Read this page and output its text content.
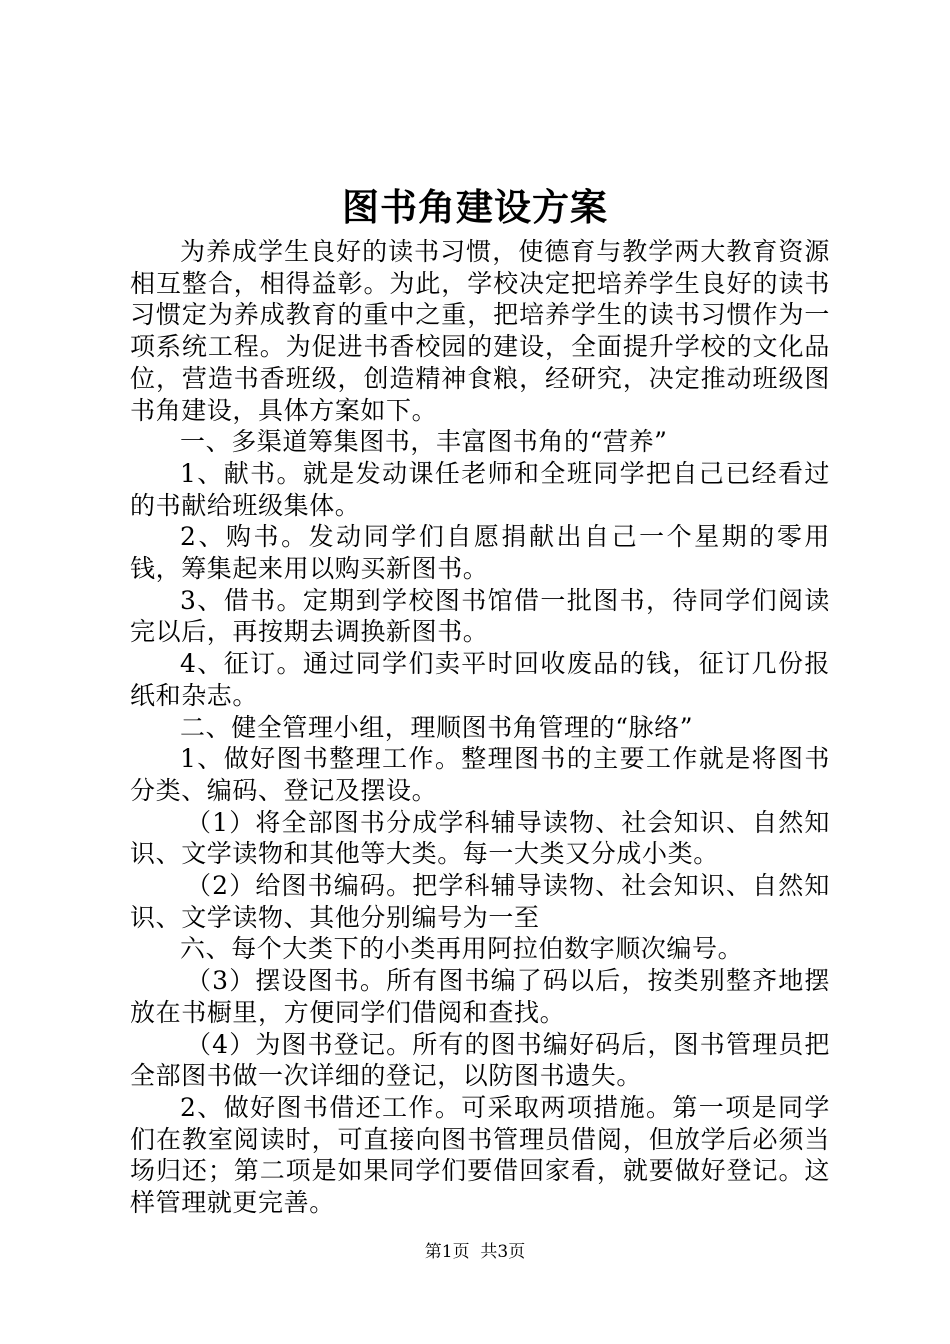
图书角建设方案

为养成学生良好的读书习惯，使德育与教学两大教育资源相互整合，相得益彰。为此，学校决定把培养学生良好的读书习惯定为养成教育的重中之重，把培养学生的读书习惯作为一项系统工程。为促进书香校园的建设，全面提升学校的文化品位，营造书香班级，创造精神食粮，经研究，决定推动班级图书角建设，具体方案如下。

一、多渠道筹集图书，丰富图书角的“营养”

1、献书。就是发动课任老师和全班同学把自己已经看过的书献给班级集体。

2、购书。发动同学们自愿捐献出自己一个星期的零用钱，筹集起来用以购买新图书。

3、借书。定期到学校图书馆借一批图书，待同学们阅读完以后，再按期去调换新图书。

4、征订。通过同学们卖平时回收废品的钱，征订几份报纸和杂志。

二、健全管理小组，理顺图书角管理的“脉络”

1、做好图书整理工作。整理图书的主要工作就是将图书分类、编码、登记及摆设。

（1）将全部图书分成学科辅导读物、社会知识、自然知识、文学读物和其他等大类。每一大类又分成小类。

（2）给图书编码。把学科辅导读物、社会知识、自然知识、文学读物、其他分别编号为一至

六、每个大类下的小类再用阿拉伯数字顺次编号。

（3）摆设图书。所有图书编了码以后，按类别整齐地摆放在书橱里，方便同学们借阅和查找。

（4）为图书登记。所有的图书编好码后，图书管理员把全部图书做一次详细的登记，以防图书遗失。

2、做好图书借还工作。可采取两项措施。第一项是同学们在教室阅读时，可直接向图书管理员借阅，但放学后必须当场归还；第二项是如果同学们要借回家看，就要做好登记。这样管理就更完善。

第1页  共3页
